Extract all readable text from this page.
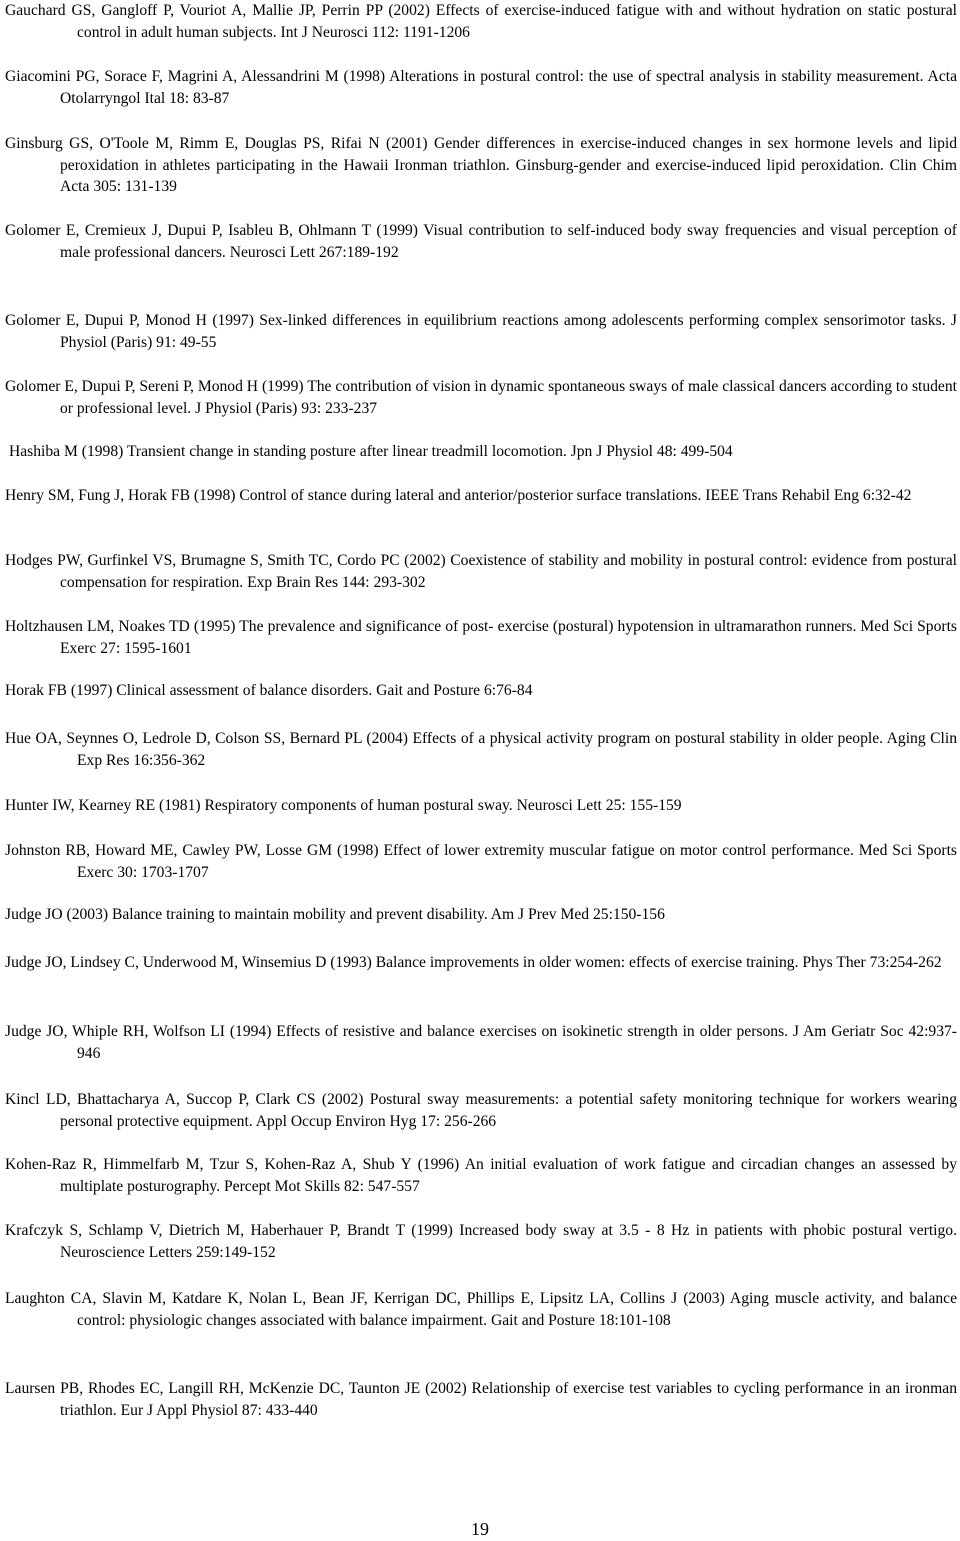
Gauchard GS, Gangloff P, Vouriot A, Mallie JP, Perrin PP (2002) Effects of exercise-induced fatigue with and without hydration on static postural control in adult human subjects. Int J Neurosci 112: 1191-1206

Giacomini PG, Sorace F, Magrini A, Alessandrini M (1998) Alterations in postural control: the use of spectral analysis in stability measurement. Acta Otolarryngol Ital 18: 83-87

Ginsburg GS, O'Toole M, Rimm E, Douglas PS, Rifai N (2001) Gender differences in exercise-induced changes in sex hormone levels and lipid peroxidation in athletes participating in the Hawaii Ironman triathlon. Ginsburg-gender and exercise-induced lipid peroxidation. Clin Chim Acta 305: 131-139

Golomer E, Cremieux J, Dupui P, Isableu B, Ohlmann T (1999) Visual contribution to self-induced body sway frequencies and visual perception of male professional dancers. Neurosci Lett 267:189-192

Golomer E, Dupui P, Monod H (1997) Sex-linked differences in equilibrium reactions among adolescents performing complex sensorimotor tasks. J Physiol (Paris) 91: 49-55

Golomer E, Dupui P, Sereni P, Monod H (1999) The contribution of vision in dynamic spontaneous sways of male classical dancers according to student or professional level. J Physiol (Paris) 93: 233-237

Hashiba M (1998) Transient change in standing posture after linear treadmill locomotion. Jpn J Physiol 48: 499-504

Henry SM, Fung J, Horak FB (1998) Control of stance during lateral and anterior/posterior surface translations. IEEE Trans Rehabil Eng 6:32-42

Hodges PW, Gurfinkel VS, Brumagne S, Smith TC, Cordo PC (2002) Coexistence of stability and mobility in postural control: evidence from postural compensation for respiration. Exp Brain Res 144: 293-302

Holtzhausen LM, Noakes TD (1995) The prevalence and significance of post- exercise (postural) hypotension in ultramarathon runners. Med Sci Sports Exerc 27: 1595-1601

Horak FB (1997) Clinical assessment of balance disorders. Gait and Posture 6:76-84

Hue OA, Seynnes O, Ledrole D, Colson SS, Bernard PL (2004) Effects of a physical activity program on postural stability in older people. Aging Clin Exp Res 16:356-362

Hunter IW, Kearney RE (1981) Respiratory components of human postural sway. Neurosci Lett 25: 155-159

Johnston RB, Howard ME, Cawley PW, Losse GM (1998) Effect of lower extremity muscular fatigue on motor control performance. Med Sci Sports Exerc 30: 1703-1707

Judge JO (2003) Balance training to maintain mobility and prevent disability. Am J Prev Med 25:150-156

Judge JO, Lindsey C, Underwood M, Winsemius D (1993) Balance improvements in older women: effects of exercise training. Phys Ther 73:254-262

Judge JO, Whiple RH, Wolfson LI (1994) Effects of resistive and balance exercises on isokinetic strength in older persons. J Am Geriatr Soc 42:937-946

Kincl LD, Bhattacharya A, Succop P, Clark CS (2002) Postural sway measurements: a potential safety monitoring technique for workers wearing personal protective equipment. Appl Occup Environ Hyg 17: 256-266

Kohen-Raz R, Himmelfarb M, Tzur S, Kohen-Raz A, Shub Y (1996) An initial evaluation of work fatigue and circadian changes an assessed by multiplate posturography. Percept Mot Skills 82: 547-557

Krafczyk S, Schlamp V, Dietrich M, Haberhauer P, Brandt T (1999) Increased body sway at 3.5 - 8 Hz in patients with phobic postural vertigo. Neuroscience Letters 259:149-152

Laughton CA, Slavin M, Katdare K, Nolan L, Bean JF, Kerrigan DC, Phillips E, Lipsitz LA, Collins J (2003) Aging muscle activity, and balance control: physiologic changes associated with balance impairment. Gait and Posture 18:101-108

Laursen PB, Rhodes EC, Langill RH, McKenzie DC, Taunton JE (2002) Relationship of exercise test variables to cycling performance in an ironman triathlon. Eur J Appl Physiol 87: 433-440

19
